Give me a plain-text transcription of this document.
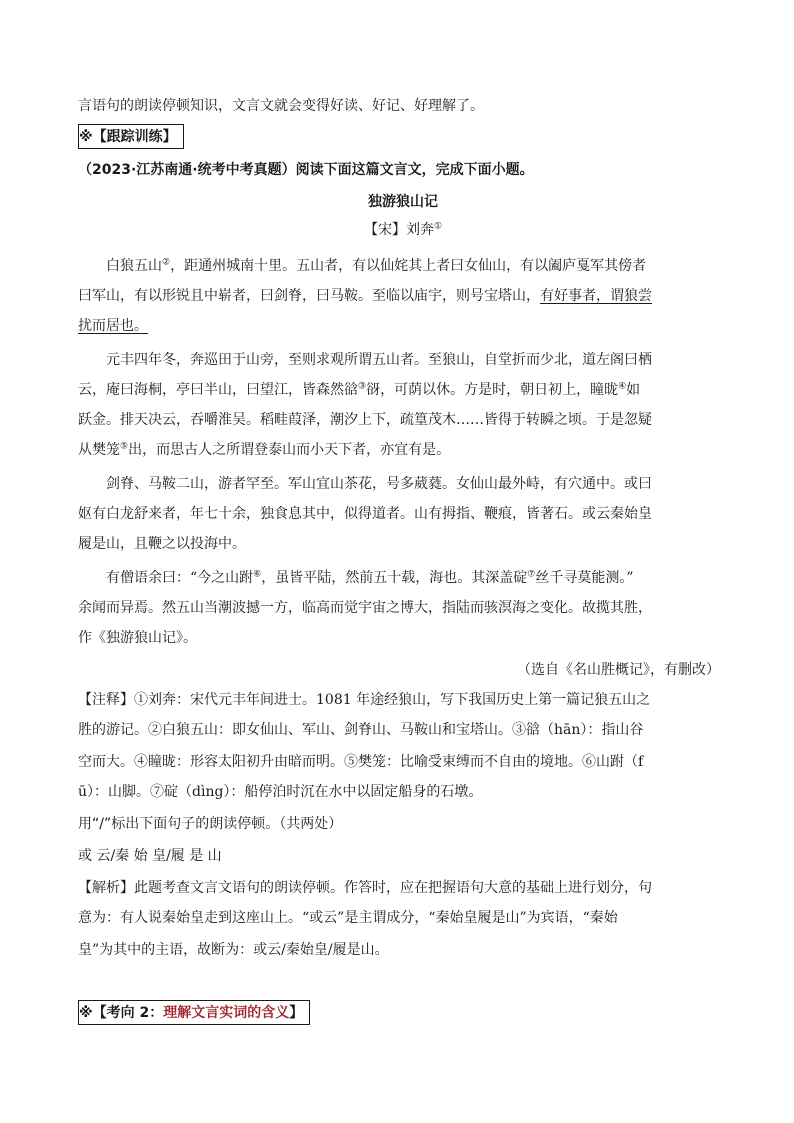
言语句的朗读停顿知识，文言文就会变得好读、好记、好理解了。
※【跟踪训练】
（2023·江苏南通·统考中考真题）阅读下面这篇文言文，完成下面小题。
独游狼山记
【宋】刘奔①
白狼五山②，距通州城南十里。五山者，有以仙姹其上者曰女仙山，有以阖庐戛军其傍者
曰军山，有以形锐且中崭者，曰剑脊，曰马鞍。至临以庙宇，则号宝塔山，有好事者，谓狼尝
扰而居也。
元丰四年冬，奔巡田于山旁，至则求观所谓五山者。至狼山，自堂折而少北，道左阁曰栖
云，庵曰海桐，亭曰半山，曰望江，皆森然谽③谺，可荫以休。方是时，朝日初上，瞳昽④如
跃金。排天决云，吞嚼淮吴。稻畦葭泽，潮汐上下，疏篁茂木……皆得于转瞬之顷。于是忽疑
从樊笼⑤出，而思古人之所谓登泰山而小天下者，亦宜有是。
剑脊、马鞍二山，游者罕至。军山宜山茶花，号多葳蕤。女仙山最外峙，有穴通中。或曰
妪有白龙舒来者，年七十余，独食息其中，似得道者。山有拇指、鞭痕，皆著石。或云秦始皇
履是山，且鞭之以投海中。
有僧语余曰：“今之山跗⑥，虽皆平陆，然前五十载，海也。其深盖碇⑦丝千寻莫能测。”
余闻而异焉。然五山当潮波撼一方，临高而觉宇宙之博大，指陆而骇溟海之变化。故揽其胜，
作《独游狼山记》。
（选自《名山胜概记》，有删改）
【注释】①刘奔：宋代元丰年间进士。1081 年途经狼山，写下我国历史上第一篇记狼五山之
胜的游记。②白狼五山：即女仙山、军山、剑脊山、马鞍山和宝塔山。③谽（hān）：指山谷
空而大。④瞳昽：形容太阳初升由暗而明。⑤樊笼：比喻受束缚而不自由的境地。⑥山跗（f
ū）：山脚。⑦碇（dìng）：船停泊时沉在水中以固定船身的石墩。
用“/”标出下面句子的朗读停顿。（共两处）
或 云/秦 始 皇/履 是 山
【解析】此题考查文言文语句的朗读停顿。作答时，应在把握语句大意的基础上进行划分，句
意为：有人说秦始皇走到这座山上。“或云”是主谓成分，“秦始皇履是山”为宾语，“秦始
皇”为其中的主语，故断为：或云/秦始皇/履是山。
※【考向 2：理解文言实词的含义】
